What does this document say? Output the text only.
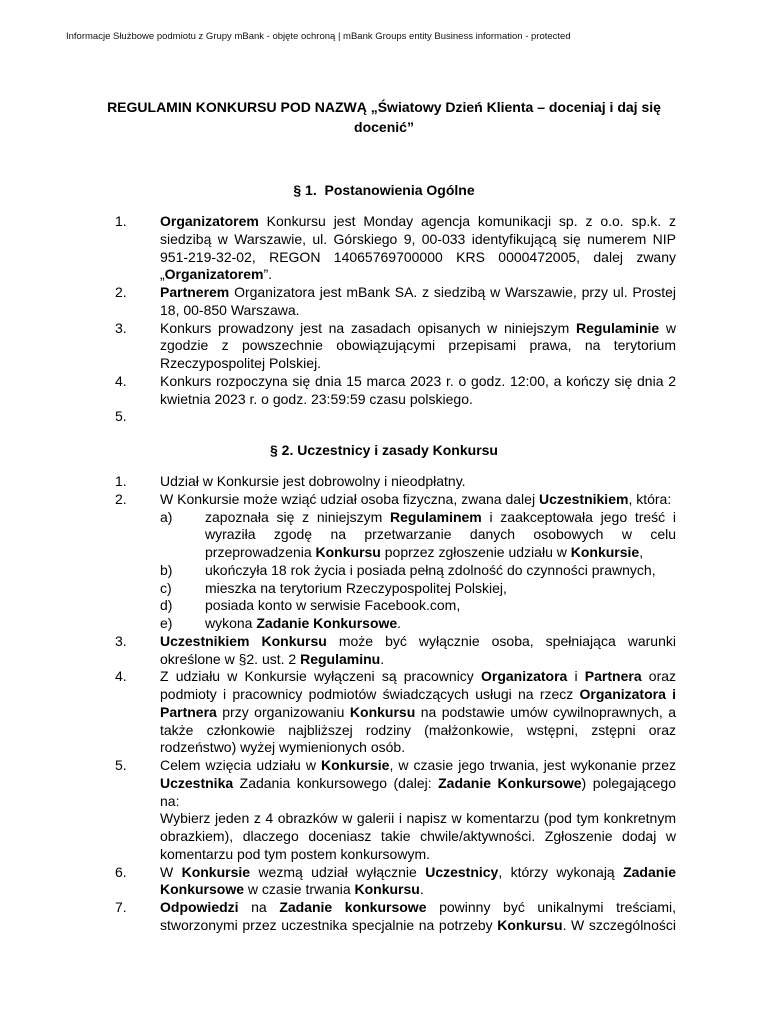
Informacje Służbowe podmiotu z Grupy mBank - objęte ochroną | mBank Groups entity Business information - protected
REGULAMIN KONKURSU POD NAZWĄ „Światowy Dzień Klienta – doceniaj i daj się
docenić”
§ 1.  Postanowienia Ogólne
1. Organizatorem Konkursu jest Monday agencja komunikacji sp. z o.o. sp.k. z
siedzibą w Warszawie, ul. Górskiego 9, 00-033 identyfikującą się numerem NIP
951-219-32-02, REGON 14065769700000 KRS 0000472005, dalej zwany
„Organizatorem”.
2. Partnerem Organizatora jest mBank SA. z siedzibą w Warszawie, przy ul. Prostej
18, 00-850 Warszawa.
3. Konkurs prowadzony jest na zasadach opisanych w niniejszym Regulaminie w
zgodzie z powszechnie obowiązującymi przepisami prawa, na terytorium
Rzeczypospolitej Polskiej.
4. Konkurs rozpoczyna się dnia 15 marca 2023 r. o godz. 12:00, a kończy się dnia 2
kwietnia 2023 r. o godz. 23:59:59 czasu polskiego.
5.
§ 2. Uczestnicy i zasady Konkursu
1. Udział w Konkursie jest dobrowolny i nieodpłatny.
2. W Konkursie może wziąć udział osoba fizyczna, zwana dalej Uczestnikiem, która:
a) zapoznała się z niniejszym Regulaminem i zaakceptowała jego treść i
wyraziła zgodę na przetwarzanie danych osobowych w celu
przeprowadzenia Konkursu poprzez zgłoszenie udziału w Konkursie,
b) ukończyła 18 rok życia i posiada pełną zdolność do czynności prawnych,
c) mieszka na terytorium Rzeczypospolitej Polskiej,
d) posiada konto w serwisie Facebook.com,
e) wykona Zadanie Konkursowe.
3. Uczestnikiem Konkursu może być wyłącznie osoba, spełniająca warunki
określone w §2. ust. 2 Regulaminu.
4. Z udziału w Konkursie wyłączeni są pracownicy Organizatora i Partnera oraz
podmioty i pracownicy podmiotów świadczących usługi na rzecz Organizatora i
Partnera przy organizowaniu Konkursu na podstawie umów cywilnoprawnych, a
także członkowie najbliższej rodziny (małżonkowie, wstępni, zstępni oraz
rodzeństwo) wyżej wymienionych osób.
5. Celem wzięcia udziału w Konkursie, w czasie jego trwania, jest wykonanie przez
Uczestnika Zadania konkursowego (dalej: Zadanie Konkursowe) polegającego
na:
Wybierz jeden z 4 obrazków w galerii i napisz w komentarzu (pod tym konkretnym
obrazkiem), dlaczego doceniasz takie chwile/aktywności. Zgłoszenie dodaj w
komentarzu pod tym postem konkursowym.
6. W Konkursie wezmą udział wyłącznie Uczestnicy, którzy wykonają Zadanie
Konkursowe w czasie trwania Konkursu.
7. Odpowiedzi na Zadanie konkursowe powinny być unikalnymi treściami,
stworzonymi przez uczestnika specjalnie na potrzeby Konkursu. W szczególności
